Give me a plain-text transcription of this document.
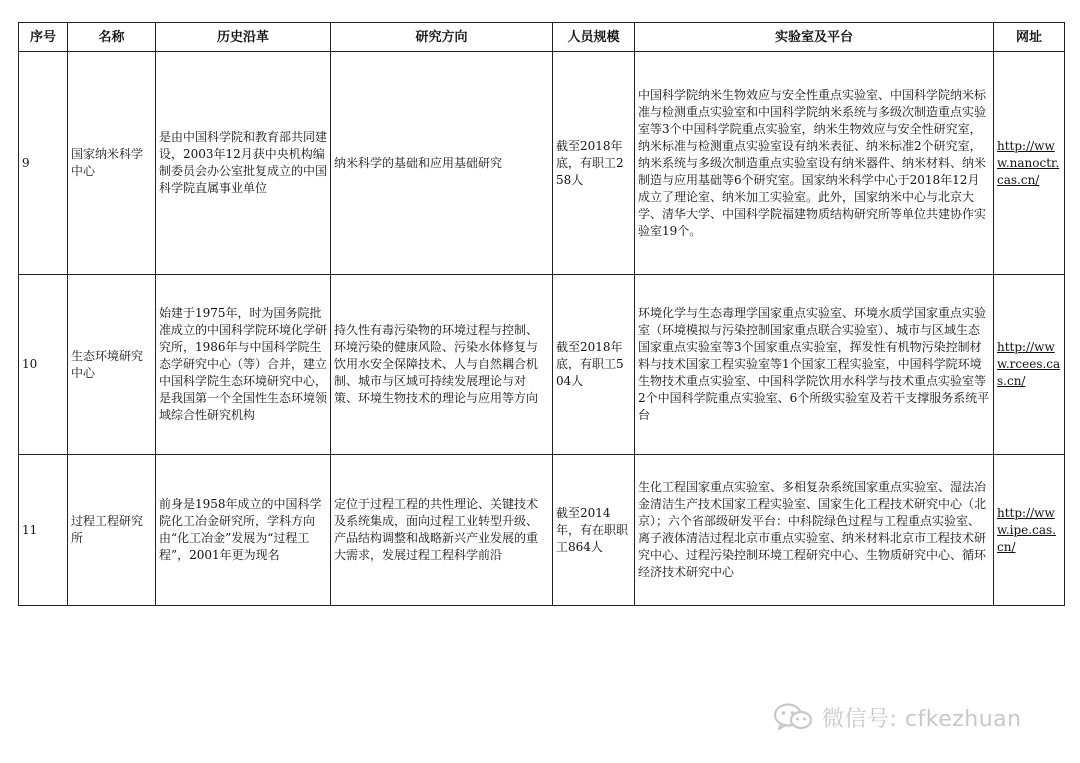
序号	名称	历史沿革	研究方向	人员规模	实验室及平台	网址
9	国家纳米科学中心	是由中国科学院和教育部共同建设，2003年12月获中央机构编制委员会办公室批复成立的中国科学院直属事业单位	纳米科学的基础和应用基础研究	截至2018年底，有职工258人	中国科学院纳米生物效应与安全性重点实验室、中国科学院纳米标准与检测重点实验室和中国科学院纳米系统与多级次制造重点实验室等3个中国科学院重点实验室，纳米生物效应与安全性研究室，纳米标准与检测重点实验室设有纳米表征、纳米标准2个研究室，纳米系统与多级次制造重点实验室设有纳米器件、纳米材料、纳米制造与应用基础等6个研究室。国家纳米科学中心于2018年12月成立了理论室、纳米加工实验室。此外，国家纳米中心与北京大学、清华大学、中国科学院福建物质结构研究所等单位共建协作实验室19个。	http://www.nanoctr.cas.cn/
10	生态环境研究中心	始建于1975年，时为国务院批准成立的中国科学院环境化学研究所，1986年与中国科学院生态学研究中心（等）合并，建立中国科学院生态环境研究中心，是我国第一个全国性生态环境领域综合性研究机构	持久性有毒污染物的环境过程与控制、环境污染的健康风险、污染水体修复与饮用水安全保障技术、人与自然耦合机制、城市与区域可持续发展理论与对策、环境生物技术的理论与应用等方向	截至2018年底，有职工504人	环境化学与生态毒理学国家重点实验室、环境水质学国家重点实验室（环境模拟与污染控制国家重点联合实验室）、城市与区域生态国家重点实验室等3个国家重点实验室，挥发性有机物污染控制材料与技术国家工程实验室等1个国家工程实验室，中国科学院环境生物技术重点实验室、中国科学院饮用水科学与技术重点实验室等2个中国科学院重点实验室、6个所级实验室及若干支撑服务系统平台	http://www.rcees.cas.cn/
11	过程工程研究所	前身是1958年成立的中国科学院化工冶金研究所，学科方向由“化工冶金”发展为“过程工程”，2001年更为现名	定位于过程工程的共性理论、关键技术及系统集成，面向过程工业转型升级、产品结构调整和战略新兴产业发展的重大需求，发展过程工程科学前沿	截至2014年，有在职职工864人	生化工程国家重点实验室、多相复杂系统国家重点实验室、湿法冶金清洁生产技术国家工程实验室、国家生化工程技术研究中心（北京）；六个省部级研发平台：中科院绿色过程与工程重点实验室、离子液体清洁过程北京市重点实验室、纳米材料北京市工程技术研究中心、过程污染控制环境工程研究中心、生物质研究中心、循环经济技术研究中心	http://www.ipe.cas.cn/
微信号: cfkezhuan
